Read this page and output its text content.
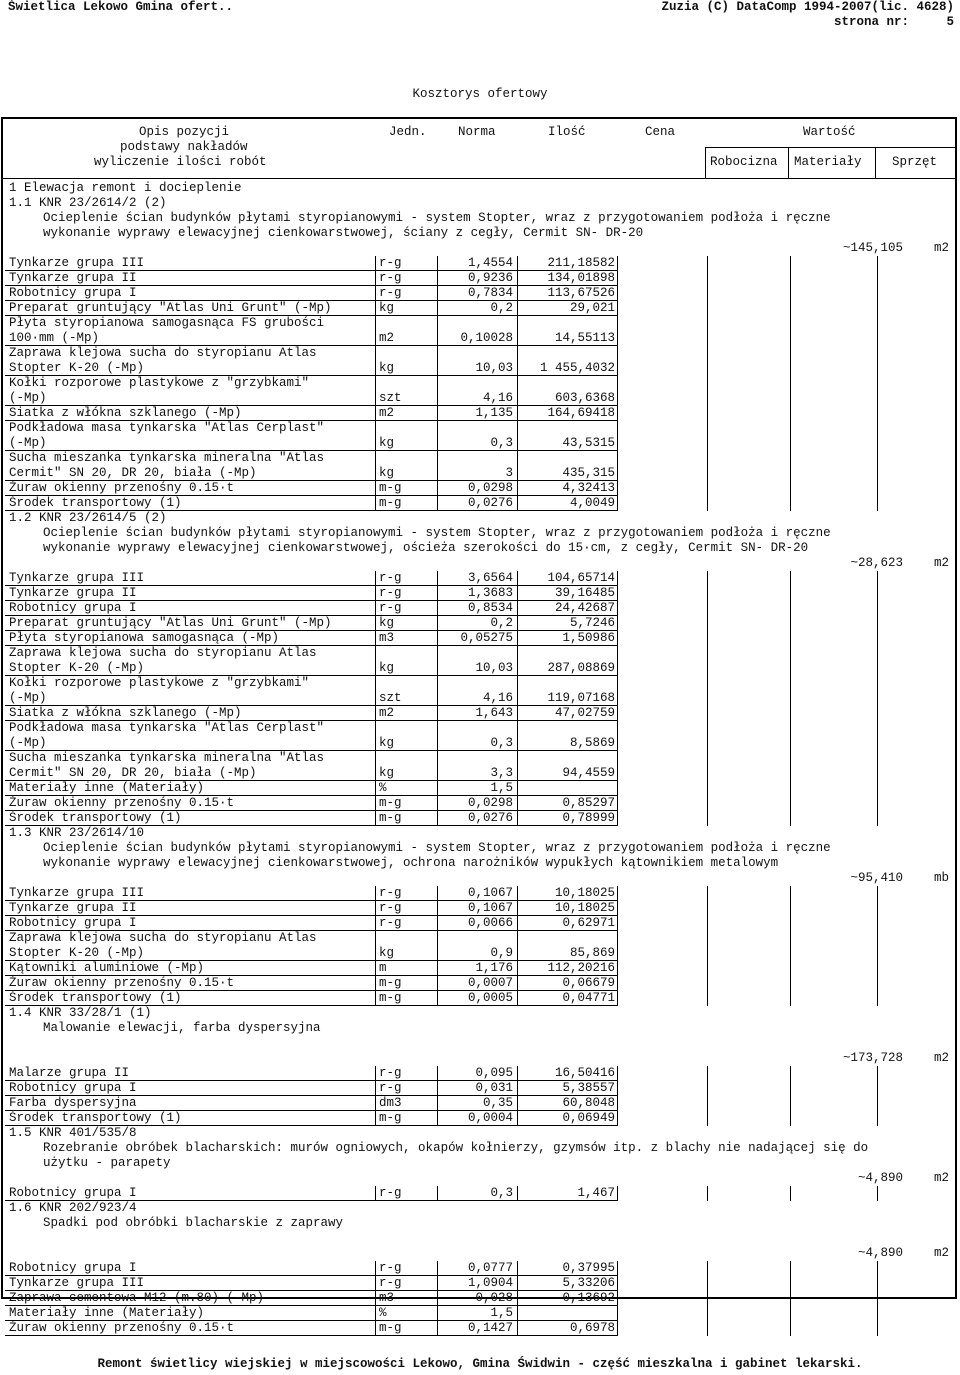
Świetlica Lekowo Gmina ofert..	Zuzia (C) DataComp 1994-2007(lic. 4628)
strona nr:	5
Kosztorys ofertowy
Opis pozycji
podstawy nakładów
wyliczenie ilości robót
Jedn.	Norma	Ilość	Cena	Wartość
Robocizna Materiały Sprzęt
1 Elewacja remont i docieplenie
1.1 KNR 23/2614/2 (2)
Ocieplenie ścian budynków płytami styropianowymi - system Stopter, wraz z przygotowaniem podłoża i ręczne
wykonanie wyprawy elewacyjnej cienkowarstwowej, ściany z cegły, Cermit SN- DR-20
~145,105 m2
Tynkarze grupa III	r-g	1,4554	211,18582
Tynkarze grupa II	r-g	0,9236	134,01898
Robotnicy grupa I	r-g	0,7834	113,67526
Preparat gruntujący "Atlas Uni Grunt" (-Mp)	kg	0,2	29,021
Płyta styropianowa samogasnąca FS grubości
100·mm (-Mp)	m2	0,10028	14,55113
Zaprawa klejowa sucha do styropianu Atlas
Stopter K-20 (-Mp)	kg	10,03	1 455,4032
Kołki rozporowe plastykowe z "grzybkami"
(-Mp)	szt	4,16	603,6368
Siatka z włókna szklanego (-Mp)	m2	1,135	164,69418
Podkładowa masa tynkarska "Atlas Cerplast"
(-Mp)	kg	0,3	43,5315
Sucha mieszanka tynkarska mineralna "Atlas
Cermit" SN 20, DR 20, biała (-Mp)	kg	3	435,315
Żuraw okienny przenośny 0.15·t	m-g	0,0298	4,32413
Środek transportowy (1)	m-g	0,0276	4,0049
1.2 KNR 23/2614/5 (2)
Ocieplenie ścian budynków płytami styropianowymi - system Stopter, wraz z przygotowaniem podłoża i ręczne
wykonanie wyprawy elewacyjnej cienkowarstwowej, ościeża szerokości do 15·cm, z cegły, Cermit SN- DR-20
~28,623 m2
Tynkarze grupa III	r-g	3,6564	104,65714
Tynkarze grupa II	r-g	1,3683	39,16485
Robotnicy grupa I	r-g	0,8534	24,42687
Preparat gruntujący "Atlas Uni Grunt" (-Mp)	kg	0,2	5,7246
Płyta styropianowa samogasnąca (-Mp)	m3	0,05275	1,50986
Zaprawa klejowa sucha do styropianu Atlas
Stopter K-20 (-Mp)	kg	10,03	287,08869
Kołki rozporowe plastykowe z "grzybkami"
(-Mp)	szt	4,16	119,07168
Siatka z włókna szklanego (-Mp)	m2	1,643	47,02759
Podkładowa masa tynkarska "Atlas Cerplast"
(-Mp)	kg	0,3	8,5869
Sucha mieszanka tynkarska mineralna "Atlas
Cermit" SN 20, DR 20, biała (-Mp)	kg	3,3	94,4559
Materiały inne (Materiały)	%	1,5
Żuraw okienny przenośny 0.15·t	m-g	0,0298	0,85297
Środek transportowy (1)	m-g	0,0276	0,78999
1.3 KNR 23/2614/10
Ocieplenie ścian budynków płytami styropianowymi - system Stopter, wraz z przygotowaniem podłoża i ręczne
wykonanie wyprawy elewacyjnej cienkowarstwowej, ochrona narożników wypukłych kątownikiem metalowym
~95,410 mb
Tynkarze grupa III	r-g	0,1067	10,18025
Tynkarze grupa II	r-g	0,1067	10,18025
Robotnicy grupa I	r-g	0,0066	0,62971
Zaprawa klejowa sucha do styropianu Atlas
Stopter K-20 (-Mp)	kg	0,9	85,869
Kątowniki aluminiowe (-Mp)	m	1,176	112,20216
Żuraw okienny przenośny 0.15·t	m-g	0,0007	0,06679
Środek transportowy (1)	m-g	0,0005	0,04771
1.4 KNR 33/28/1 (1)
Malowanie elewacji, farba dyspersyjna
~173,728 m2
Malarze grupa II	r-g	0,095	16,50416
Robotnicy grupa I	r-g	0,031	5,38557
Farba dyspersyjna	dm3	0,35	60,8048
Środek transportowy (1)	m-g	0,0004	0,06949
1.5 KNR 401/535/8
Rozebranie obróbek blacharskich: murów ogniowych, okapów kołnierzy, gzymsów itp. z blachy nie nadającej się do
użytku - parapety
~4,890 m2
Robotnicy grupa I	r-g	0,3	1,467
1.6 KNR 202/923/4
Spadki pod obróbki blacharskie z zaprawy
~4,890 m2
Robotnicy grupa I	r-g	0,0777	0,37995
Tynkarze grupa III	r-g	1,0904	5,33206
Zaprawa cementowa M12 (m.80) (-Mp)	m3	0,028	0,13692
Materiały inne (Materiały)	%	1,5
Żuraw okienny przenośny 0.15·t	m-g	0,1427	0,6978
Remont świetlicy wiejskiej w miejscowości Lekowo, Gmina Świdwin - część mieszkalna i gabinet lekarski.
